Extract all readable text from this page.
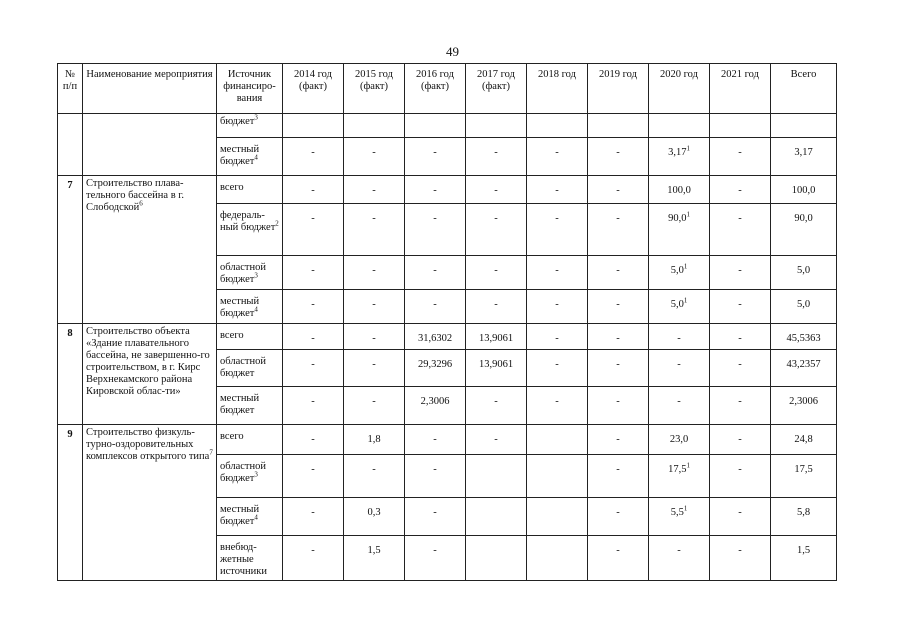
49
№ п/п	Наименование мероприятия	Источник финансиро-вания	2014 год (факт)	2015 год (факт)	2016 год (факт)	2017 год (факт)	2018 год	2019 год	2020 год	2021 год	Всего
		бюджет$^3$									
		местный бюджет$^4$	-	-	-	-	-	-	3,17$^1$	-	3,17
7	Строительство плава-тельного бассейна в г. Слободской$^6$	всего	-	-	-	-	-	-	100,0	-	100,0
		федераль-ный бюджет$^2$	-	-	-	-	-	-	90,0$^1$	-	90,0
		областной бюджет$^3$	-	-	-	-	-	-	$5,0^1$	-	5,0
		местный бюджет$^4$	-	-	-	-	-	-	$5,0^1$	-	5,0
8	Строительство объекта «Здание плавательного бассейна, не завершенно-го строительством, в г. Кирс Верхнекамского района Кировской облас-ти»	всего	-	-	31,6302	13,9061	-	-	-	-	45,5363
		областной бюджет	-	-	29,3296	13,9061	-	-	-	-	43,2357
		местный бюджет	-	-	2,3006	-	-	-	-	-	2,3006
9	Строительство физкуль-турно-оздоровительных комплексов открытого типа$^7$	всего	-	1,8	-	-		-	23,0	-	24,8
		областной бюджет$^3$	-	-	-			-	17,5$^1$	-	17,5
		местный бюджет$^4$	-	0,3	-			-	$5,5^1$	-	5,8
		внебюд-жетные источники	-	1,5	-			-	-	-	1,5
